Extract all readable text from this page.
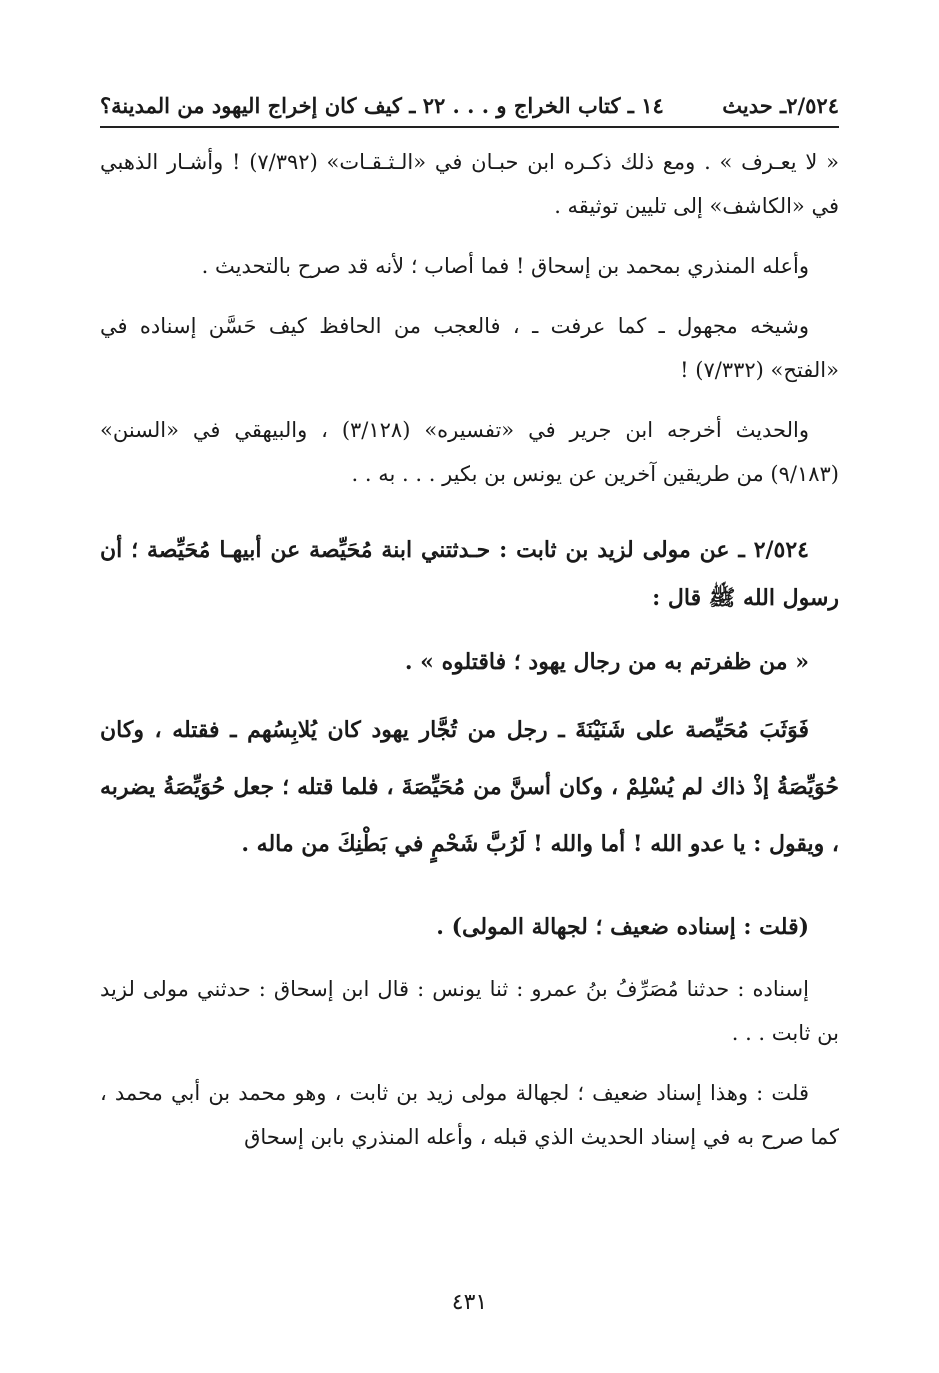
١٤ ـ كتاب الخراج و . . . ٢٢ ـ كيف كان إخراج اليهود من المدينة؟	٢/٥٢٤ـ حديث

« لا يعـرف » . ومع ذلك ذكـره ابن حبـان في «الـثـقـات» (٧/٣٩٢) ! وأشـار الذهبي في «الكاشف» إلى تليين توثيقه .

وأعله المنذري بمحمد بن إسحاق ! فما أصاب ؛ لأنه قد صرح بالتحديث .

وشيخه مجهول ـ كما عرفت ـ ، فالعجب من الحافظ كيف حَسَّن إسناده في «الفتح» (٧/٣٣٢) !

والحديث أخرجه ابن جرير في «تفسيره» (٣/١٢٨) ، والبيهقي في «السنن» (٩/١٨٣) من طريقين آخرين عن يونس بن بكير . . . به . .

٢/٥٢٤ ـ عن مولى لزيد بن ثابت : حـدثتني ابنة مُحَيِّصة عن أبيهـا مُحَيِّصة ؛ أن رسول الله ﷺ قال :

« من ظفرتم به من رجال يهود ؛ فاقتلوه » .

فَوَثَبَ مُحَيِّصة على شَنَيْنَةَ ـ رجل من تُجَّار يهود كان يُلابِسُهم ـ فقتله ، وكان حُوَيِّصَةُ إذْ ذاك لم يُسْلِمْ ، وكان أسنَّ من مُحَيِّصَةَ ، فلما قتله ؛ جعل حُوَيِّصَةُ يضربه ، ويقول : يا عدو الله ! أما والله ! لَرُبَّ شَحْمٍ في بَطْنِكَ من ماله .

(قلت : إسناده ضعيف ؛ لجهالة المولى) .

إسناده : حدثنا مُصَرِّفُ بنُ عمرو : ثنا يونس : قال ابن إسحاق : حدثني مولى لزيد بن ثابت . . .

قلت : وهذا إسناد ضعيف ؛ لجهالة مولى زيد بن ثابت ، وهو محمد بن أبي محمد ، كما صرح به في إسناد الحديث الذي قبله ، وأعله المنذري بابن إسحاق

٤٣١
